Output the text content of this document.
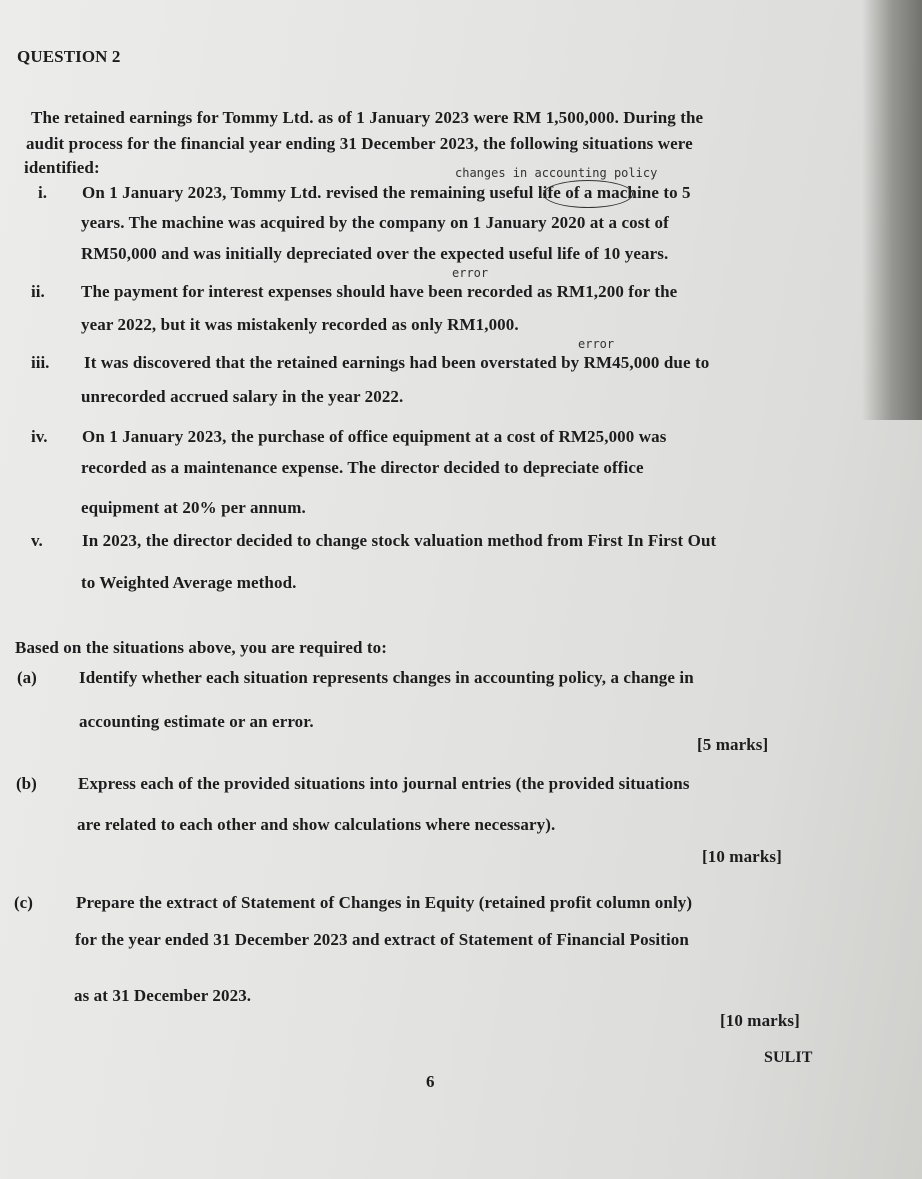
QUESTION 2
The retained earnings for Tommy Ltd. as of 1 January 2023 were RM 1,500,000. During the
audit process for the financial year ending 31 December 2023, the following situations were
identified:	changes in accounting policy
i. On 1 January 2023, Tommy Ltd. revised the remaining useful life of a machine to 5
years. The machine was acquired by the company on 1 January 2020 at a cost of
RM50,000 and was initially depreciated over the expected useful life of 10 years.
error
ii. The payment for interest expenses should have been recorded as RM1,200 for the
year 2022, but it was mistakenly recorded as only RM1,000.
error
iii. It was discovered that the retained earnings had been overstated by RM45,000 due to
unrecorded accrued salary in the year 2022.
iv. On 1 January 2023, the purchase of office equipment at a cost of RM25,000 was
recorded as a maintenance expense. The director decided to depreciate office
equipment at 20% per annum.
v. In 2023, the director decided to change stock valuation method from First In First Out
to Weighted Average method.
Based on the situations above, you are required to:
(a) Identify whether each situation represents changes in accounting policy, a change in
accounting estimate or an error.
[5 marks]
(b) Express each of the provided situations into journal entries (the provided situations
are related to each other and show calculations where necessary).
[10 marks]
(c)	Prepare the extract of Statement of Changes in Equity (retained profit column only)
for the year ended 31 December 2023 and extract of Statement of Financial Position
as at 31 December 2023.
[10 marks]
SULIT
6
